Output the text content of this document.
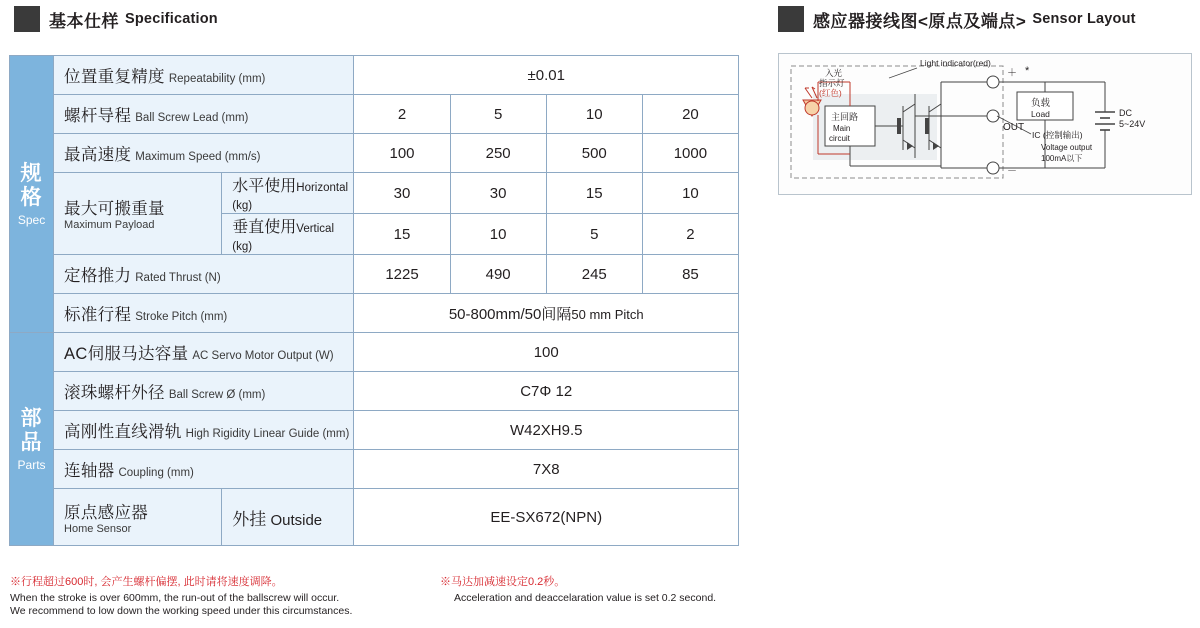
基本仕样 Specification	感应器接线图<原点及端点> Sensor Layout
规格
Spec	位置重复精度 Repeatability (mm)		±0.01			
	螺杆导程 Ball Screw Lead (mm)		2	5	10	20
	最高速度 Maximum Speed (mm/s)		100	250	500	1000
	最大可搬重量
Maximum Payload	水平使用Horizontal (kg)	30	30	15	10
		垂直使用Vertical (kg)	15	10	5	2
	定格推力 Rated Thrust (N)		1225	490	245	85
	标准行程 Stroke Pitch (mm)		50-800mm/50间隔50 mm Pitch			

部品
Parts	AC伺服马达容量 AC Servo Motor Output (W)		100			
	滚珠螺杆外径 Ball Screw Ø (mm)		C7Φ 12			
	高刚性直线滑轨 High Rigidity Linear Guide (mm)		W42XH9.5			
	连轴器 Coupling (mm)		7X8			
	原点感应器
Home Sensor	外挂 Outside	EE-SX672(NPN)			
※行程超过600时, 会产生螺杆偏摆, 此时请将速度调降。
When the stroke is over 600mm, the run-out of the ballscrew will occur.
We recommend to low down the working speed under this circumstances.
※马达加减速设定0.2秒。
Acceleration and deaccelaration value is set 0.2 second.
Light indicator(red)
入光
指示灯
(红色)
主回路
Main
circuit
负载
Load	DC
5~24V
＋ *
－
OUT
IC (控制输出)
Voltage output
100mA以下
